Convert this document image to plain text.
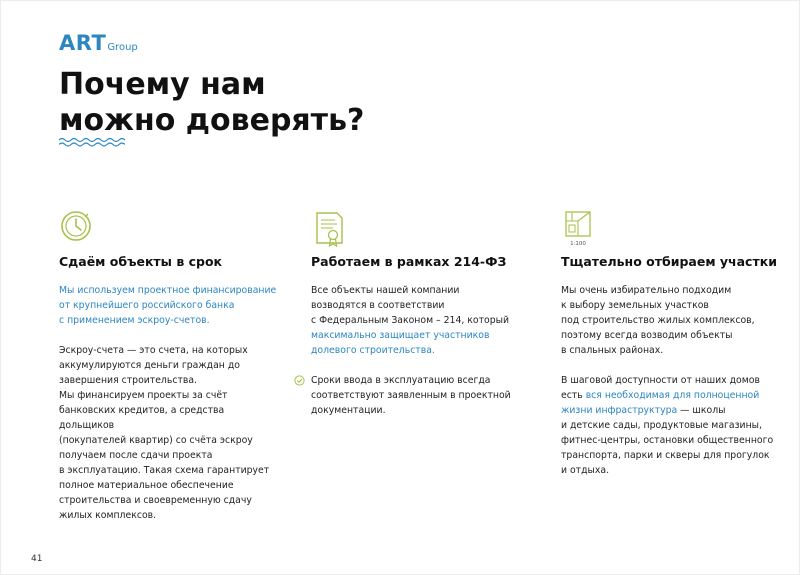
ART Group
Почему нам
можно доверять?
Сдаём объекты в срок

Мы используем проектное финансирование

от крупнейшего российского банка

с применением эскроу-счетов.

Эскроу-счета — это счета, на которых

аккумулируются деньги граждан до

завершения строительства.

Мы финансируем проекты за счёт

банковских кредитов, а средства дольщиков

(покупателей квартир) со счёта эскроу

получаем после сдачи проекта

в эксплуатацию. Такая схема гарантирует

полное материальное обеспечение

строительства и своевременную сдачу

жилых комплексов.

Работаем в рамках 214-ФЗ

Все объекты нашей компании

возводятся в соответствии

с Федеральным Законом – 214, который

максимально защищает участников

долевого строительства.

Сроки ввода в эксплуатацию всегда

соответствуют заявленным в проектной

документации.

1:100
Тщательно отбираем участки

Мы очень избирательно подходим

к выбору земельных участков

под строительство жилых комплексов,

поэтому всегда возводим объекты

в спальных районах.

В шаговой доступности от наших домов

есть вся необходимая для полноценной

жизни инфраструктура — школы

и детские сады, продуктовые магазины,

фитнес-центры, остановки общественного

транспорта, парки и скверы для прогулок

и отдыха.

41
